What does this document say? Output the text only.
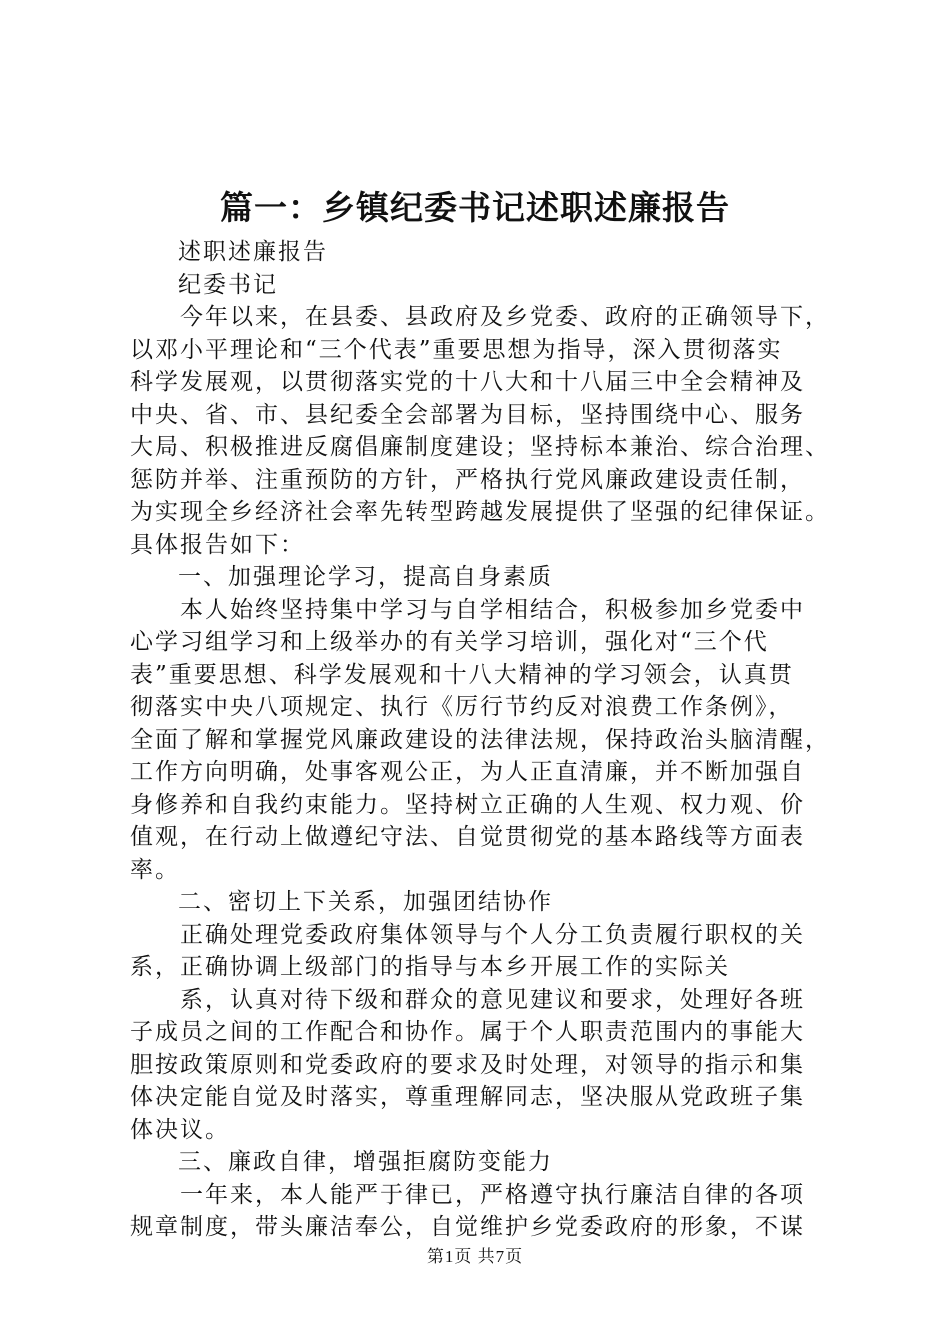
篇一：乡镇纪委书记述职述廉报告
述职述廉报告
纪委书记
今年以来，在县委、县政府及乡党委、政府的正确领导下，
以邓小平理论和“三个代表”重要思想为指导，深入贯彻落实
科学发展观，以贯彻落实党的十八大和十八届三中全会精神及
中央、省、市、县纪委全会部署为目标，坚持围绕中心、服务
大局、积极推进反腐倡廉制度建设；坚持标本兼治、综合治理、
惩防并举、注重预防的方针，严格执行党风廉政建设责任制，
为实现全乡经济社会率先转型跨越发展提供了坚强的纪律保证。
具体报告如下：
一、加强理论学习，提高自身素质
本人始终坚持集中学习与自学相结合，积极参加乡党委中
心学习组学习和上级举办的有关学习培训，强化对“三个代
表”重要思想、科学发展观和十八大精神的学习领会，认真贯
彻落实中央八项规定、执行《厉行节约反对浪费工作条例》，
全面了解和掌握党风廉政建设的法律法规，保持政治头脑清醒，
工作方向明确，处事客观公正，为人正直清廉，并不断加强自
身修养和自我约束能力。坚持树立正确的人生观、权力观、价
值观，在行动上做遵纪守法、自觉贯彻党的基本路线等方面表
率。
二、密切上下关系，加强团结协作
正确处理党委政府集体领导与个人分工负责履行职权的关
系，正确协调上级部门的指导与本乡开展工作的实际关
系，认真对待下级和群众的意见建议和要求，处理好各班
子成员之间的工作配合和协作。属于个人职责范围内的事能大
胆按政策原则和党委政府的要求及时处理，对领导的指示和集
体决定能自觉及时落实，尊重理解同志，坚决服从党政班子集
体决议。
三、廉政自律，增强拒腐防变能力
一年来，本人能严于律已，严格遵守执行廉洁自律的各项
规章制度，带头廉洁奉公，自觉维护乡党委政府的形象，不谋
第1页 共7页
